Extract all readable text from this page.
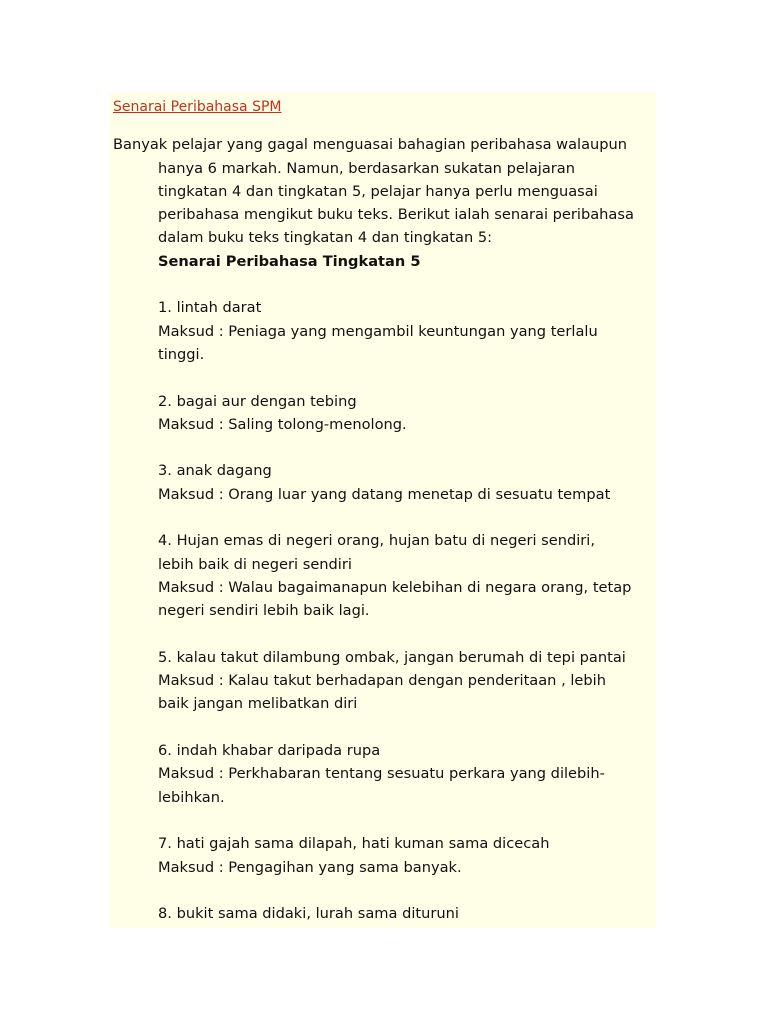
Senarai Peribahasa SPM
Banyak pelajar yang gagal menguasai bahagian peribahasa walaupun
hanya 6 markah. Namun, berdasarkan sukatan pelajaran
tingkatan 4 dan tingkatan 5, pelajar hanya perlu menguasai
peribahasa mengikut buku teks. Berikut ialah senarai peribahasa
dalam buku teks tingkatan 4 dan tingkatan 5:
Senarai Peribahasa Tingkatan 5
1. lintah darat
Maksud : Peniaga yang mengambil keuntungan yang terlalu
tinggi.
2. bagai aur dengan tebing
Maksud : Saling tolong-menolong.
3. anak dagang
Maksud : Orang luar yang datang menetap di sesuatu tempat
4. Hujan emas di negeri orang, hujan batu di negeri sendiri,
lebih baik di negeri sendiri
Maksud : Walau bagaimanapun kelebihan di negara orang, tetap
negeri sendiri lebih baik lagi.
5. kalau takut dilambung ombak, jangan berumah di tepi pantai
Maksud : Kalau takut berhadapan dengan penderitaan , lebih
baik jangan melibatkan diri
6. indah khabar daripada rupa
Maksud : Perkhabaran tentang sesuatu perkara yang dilebih-
lebihkan.
7. hati gajah sama dilapah, hati kuman sama dicecah
Maksud : Pengagihan yang sama banyak.
8. bukit sama didaki, lurah sama dituruni
